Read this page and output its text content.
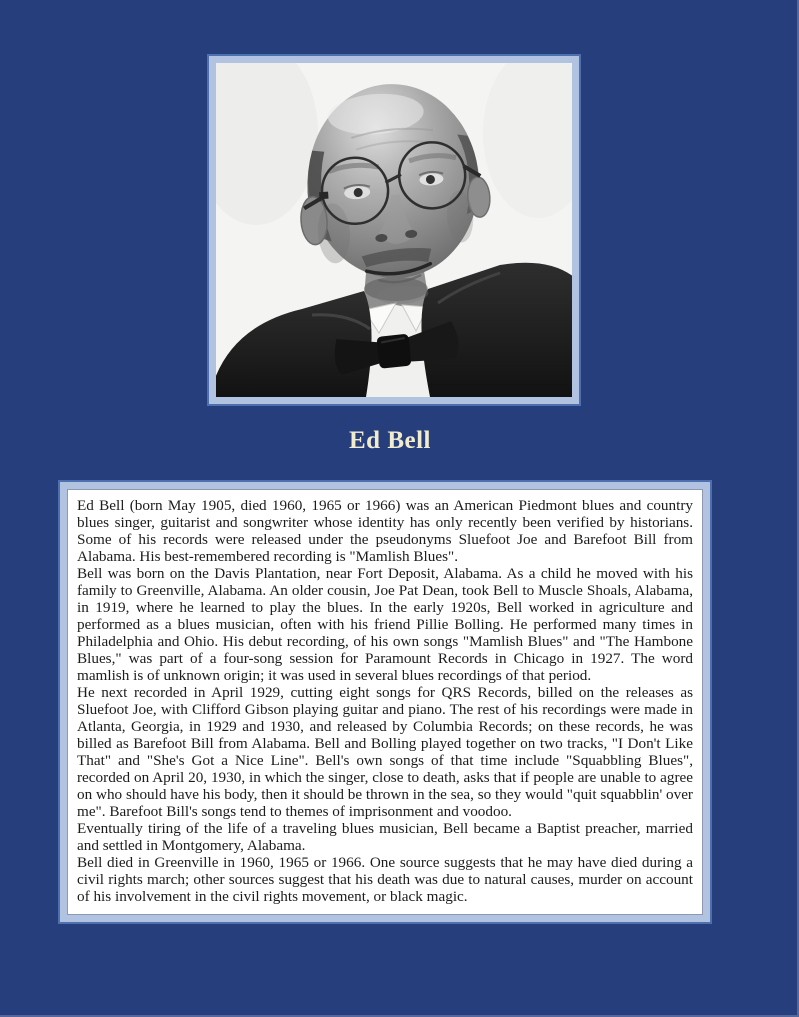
Ed Bell

Ed Bell (born May 1905, died 1960, 1965 or 1966) was an American Piedmont blues and country blues singer, guitarist and songwriter whose identity has only recently been verified by historians. Some of his records were released under the pseudonyms Sluefoot Joe and Barefoot Bill from Alabama. His best-remembered recording is "Mamlish Blues".

Bell was born on the Davis Plantation, near Fort Deposit, Alabama. As a child he moved with his family to Greenville, Alabama. An older cousin, Joe Pat Dean, took Bell to Muscle Shoals, Alabama, in 1919, where he learned to play the blues. In the early 1920s, Bell worked in agriculture and performed as a blues musician, often with his friend Pillie Bolling. He performed many times in Philadelphia and Ohio. His debut recording, of his own songs "Mamlish Blues" and "The Hambone Blues," was part of a four-song session for Paramount Records in Chicago in 1927. The word mamlish is of unknown origin; it was used in several blues recordings of that period.

He next recorded in April 1929, cutting eight songs for QRS Records, billed on the releases as Sluefoot Joe, with Clifford Gibson playing guitar and piano. The rest of his recordings were made in Atlanta, Georgia, in 1929 and 1930, and released by Columbia Records; on these records, he was billed as Barefoot Bill from Alabama. Bell and Bolling played together on two tracks, "I Don't Like That" and "She's Got a Nice Line". Bell's own songs of that time include "Squabbling Blues", recorded on April 20, 1930, in which the singer, close to death, asks that if people are unable to agree on who should have his body, then it should be thrown in the sea, so they would "quit squabblin' over me". Barefoot Bill's songs tend to themes of imprisonment and voodoo.

Eventually tiring of the life of a traveling blues musician, Bell became a Baptist preacher, married and settled in Montgomery, Alabama.

Bell died in Greenville in 1960, 1965 or 1966. One source suggests that he may have died during a civil rights march; other sources suggest that his death was due to natural causes, murder on account of his involvement in the civil rights movement, or black magic.
